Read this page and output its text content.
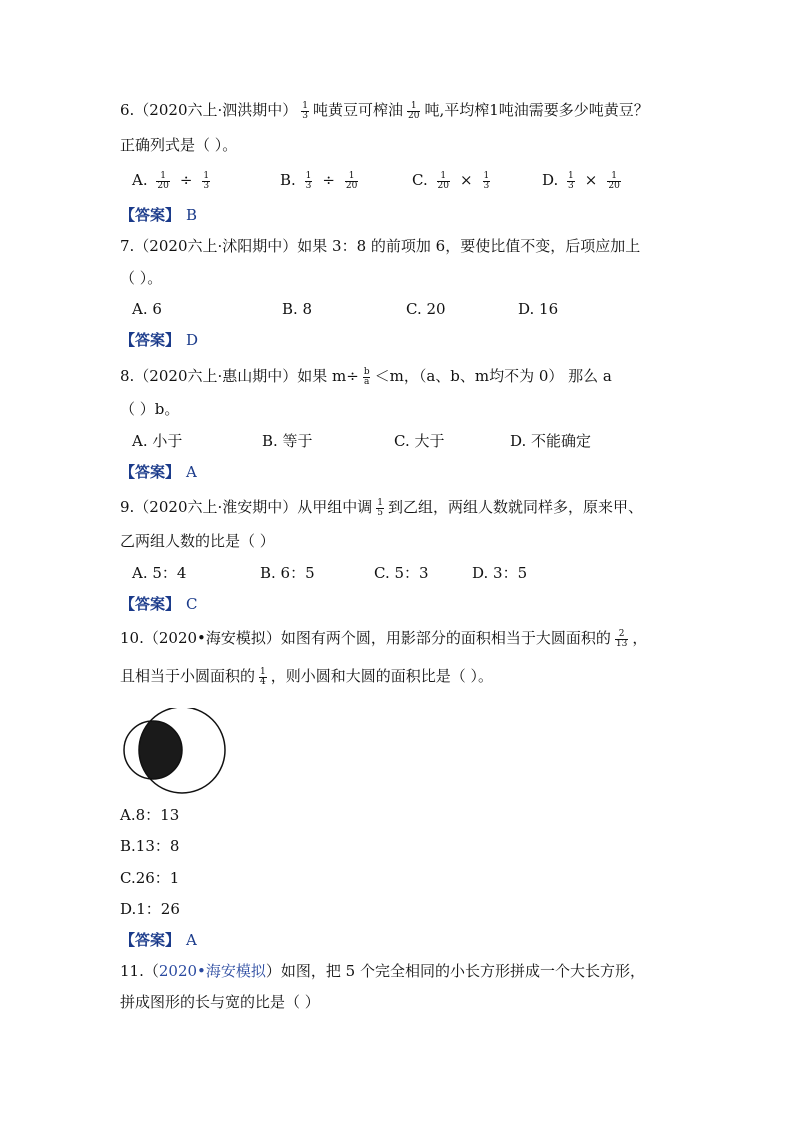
6.（2020六上·泗洪期中） $\frac{1}{3}$ 吨黄豆可榨油 $\frac{1}{20}$ 吨,平均榨1吨油需要多少吨黄豆？
正确列式是（ ）。
A. $\frac{1}{20} \div \frac{1}{3}$	B. $\frac{1}{3} \div \frac{1}{20}$	C. $\frac{1}{20} \times \frac{1}{3}$	D. $\frac{1}{3} \times \frac{1}{20}$
【答案】 B
7.（2020六上·沭阳期中）如果 3：8 的前项加 6，要使比值不变，后项应加上
（ ）。
A. 6	B. 8	C. 20	D. 16
【答案】 D
8.（2020六上·惠山期中）如果 $m\div \frac{b}{a} <m$，（a、b、m均不为 0） 那么 a
（ ）b。
A. 小于	B. 等于	C. 大于	D. 不能确定
【答案】 A
9.（2020六上·淮安期中）从甲组中调 $\frac{1}{5}$ 到乙组，两组人数就同样多，原来甲、
乙两组人数的比是（ ）
A. 5：4	B. 6：5	C. 5：3	D. 3：5
【答案】 C
10.（2020•海安模拟）如图有两个圆，用影部分的面积相当于大圆面积的 $\frac{2}{13}$ ，
且相当于小圆面积的 $\frac{1}{4}$ ，则小圆和大圆的面积比是（ ）。
A.8：13
B.13：8
C.26：1
D.1：26
【答案】 A
11.（2020•海安模拟）如图，把 5 个完全相同的小长方形拼成一个大长方形，
拼成图形的长与宽的比是（ ）
